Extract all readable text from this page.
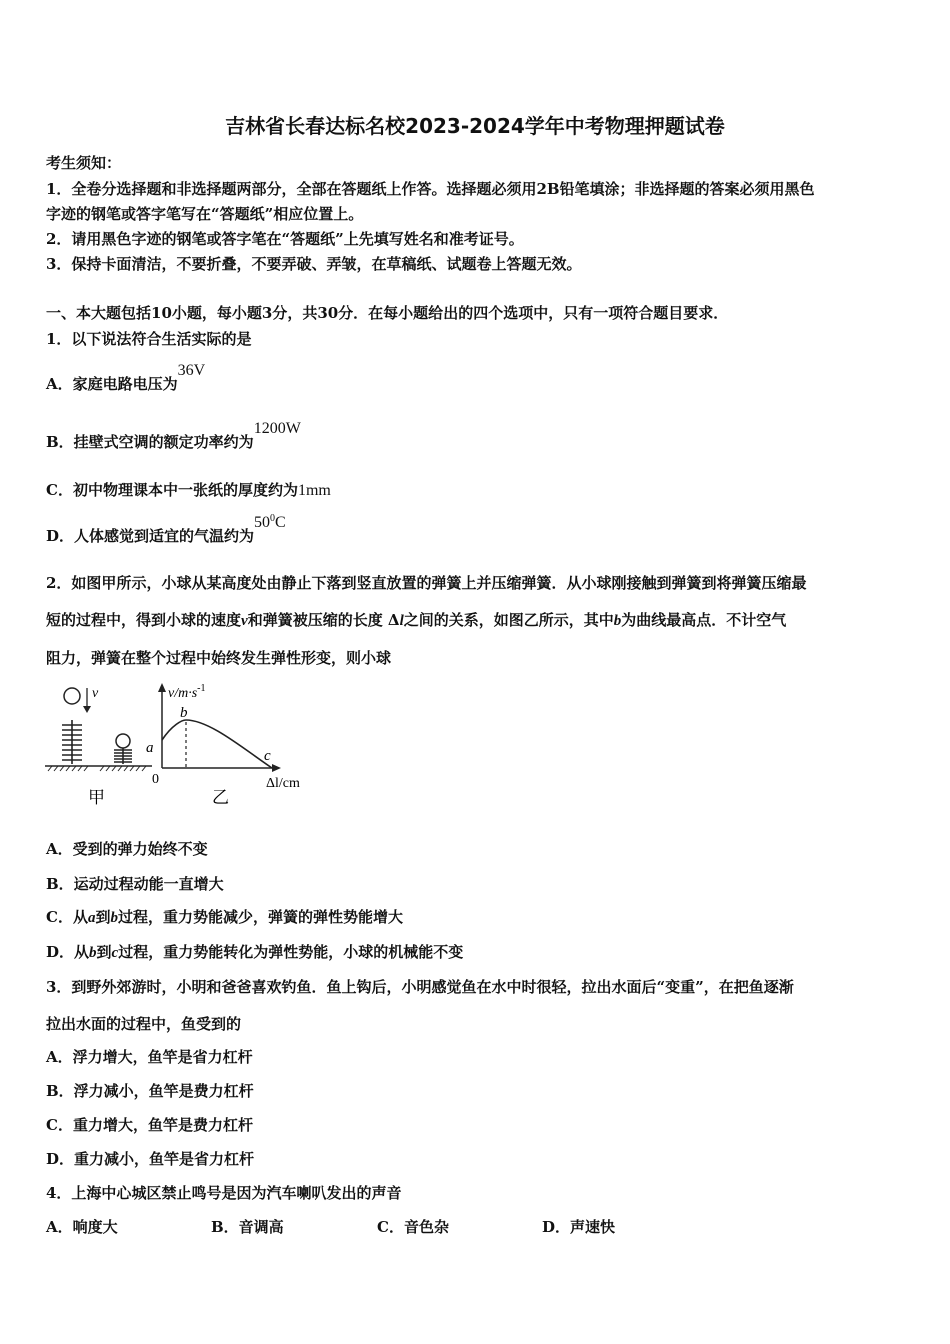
吉林省长春达标名校2023-2024学年中考物理押题试卷
考生须知：
1．全卷分选择题和非选择题两部分，全部在答题纸上作答。选择题必须用2B铅笔填涂；非选择题的答案必须用黑色
字迹的钢笔或答字笔写在“答题纸”相应位置上。
2．请用黑色字迹的钢笔或答字笔在“答题纸”上先填写姓名和准考证号。
3．保持卡面清洁，不要折叠，不要弄破、弄皱，在草稿纸、试题卷上答题无效。
一、本大题包括10小题，每小题3分，共30分．在每小题给出的四个选项中，只有一项符合题目要求．
1．以下说法符合生活实际的是
A．家庭电路电压为36V
B．挂壁式空调的额定功率约为1200W
C．初中物理课本中一张纸的厚度约为1mm
D．人体感觉到适宜的气温约为$50^0C$
2．如图甲所示，小球从某高度处由静止下落到竖直放置的弹簧上并压缩弹簧．从小球刚接触到弹簧到将弹簧压缩最
短的过程中，得到小球的速度v和弹簧被压缩的长度 Δl之间的关系，如图乙所示，其中b为曲线最高点．不计空气
阻力，弹簧在整个过程中始终发生弹性形变，则小球
v
甲
$v/m\cdot s^{-1}$
b
a	c
0	Δl/cm
乙
A．受到的弹力始终不变
B．运动过程动能一直增大
C．从a到b过程，重力势能减少，弹簧的弹性势能增大
D．从b到c过程，重力势能转化为弹性势能，小球的机械能不变
3．到野外郊游时，小明和爸爸喜欢钓鱼．鱼上钩后，小明感觉鱼在水中时很轻，拉出水面后“变重”，在把鱼逐渐
拉出水面的过程中，鱼受到的
A．浮力增大，鱼竿是省力杠杆
B．浮力减小，鱼竿是费力杠杆
C．重力增大，鱼竿是费力杠杆
D．重力减小，鱼竿是省力杠杆
4．上海中心城区禁止鸣号是因为汽车喇叭发出的声音
A．响度大	B．音调高	C．音色杂	D．声速快
